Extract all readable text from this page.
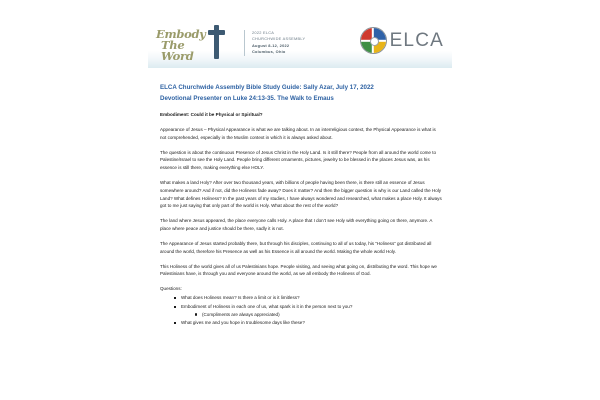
Embody
The Word
2022 ELCA
CHURCHWIDE ASSEMBLY
August 8-12, 2022
Columbus, Ohio
ELCA
ELCA Churchwide Assembly Bible Study Guide: Sally Azar, July 17, 2022
Devotional Presenter on Luke 24:13-35. The Walk to Emaus

Embodiment: Could it be Physical or Spiritual?

Appearance of Jesus – Physical Appearance is what we are talking about. In an interreligious context, the Physical Appearance is what is not comprehended, especially in the Muslim context in which it is always asked about.

The question is about the continuous Presence of Jesus Christ in the Holy Land. Is it still there? People from all around the world come to Palestine/Israel to see the Holy Land. People bring different ornaments, pictures, jewelry to be blessed in the places Jesus was, as his essence is still there, making everything else HOLY.

What makes a land Holy? After over two thousand years, with billions of people having been there, is there still an essence of Jesus somewhere around? And if not, did the Holiness fade away? Does it matter? And then the bigger question is why is our Land called the Holy Land? What defines Holiness? In the past years of my studies, I have always wondered and researched, what makes a place Holy. It always got to me just saying that only part of the world is Holy. What about the rest of the world?

The land where Jesus appeared, the place everyone calls Holy. A place that I don’t see Holy with everything going on there, anymore. A place where peace and justice should be there, sadly it is not.

The Appearance of Jesus started probably there, but through his disciples, continuing to all of us today, his “Holiness” got distributed all around the world, therefore his Presence as well as his Essence is all around the world. Making the whole world Holy.

This Holiness of the world gives all of us Palestinians hope. People visiting, and seeing what going on, distributing the word. This hope we Palestinians have, is through you and everyone around the world, as we all embody the Holiness of God.

Questions:

What does Holiness mean? Is there a limit or is it limitless?
Embodiment of Holiness in each one of us, what spark is it in the person next to you?
(Compliments are always appreciated)
What gives me and you hope in troublesome days like these?
